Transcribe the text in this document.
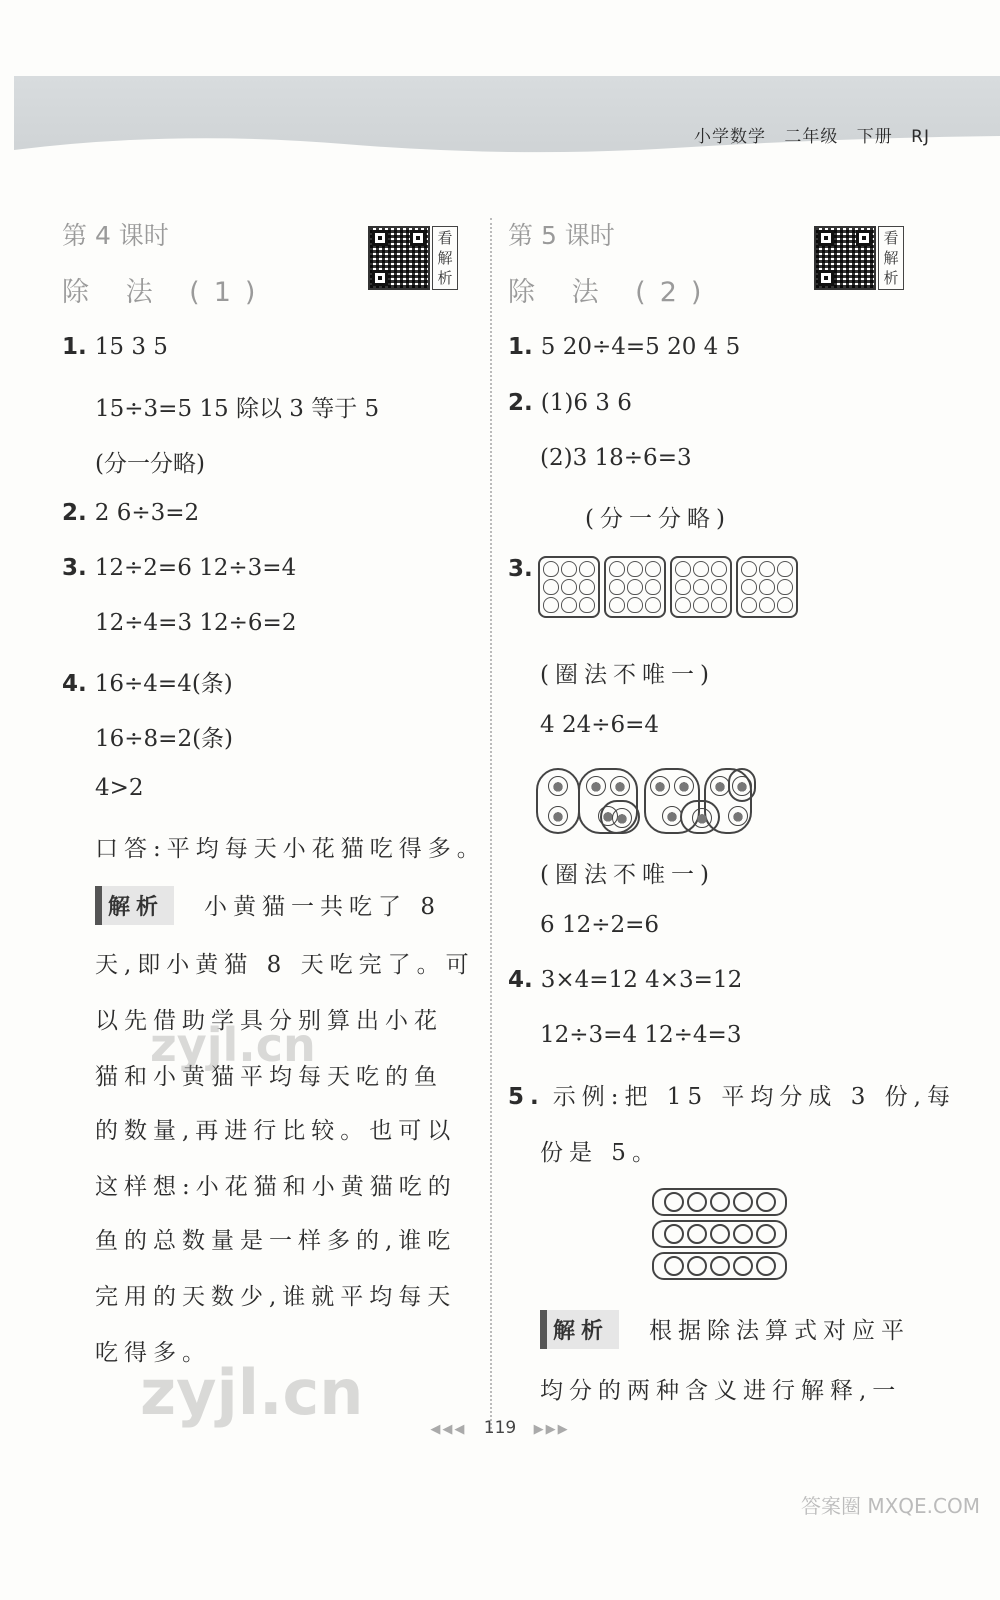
小学数学 二年级 下册 RJ
第 4 课时
除 法 (1)
看解析
1. 15 3 5
15÷3=5 15 除以 3 等于 5
(分一分略)
2. 2 6÷3=2
3. 12÷2=6 12÷3=4
12÷4=3 12÷6=2
4. 16÷4=4(条)
16÷8=2(条)
4>2
口答:平均每天小花猫吃得多。
解析 小黄猫一共吃了 8
天,即小黄猫 8 天吃完了。可
以先借助学具分别算出小花
猫和小黄猫平均每天吃的鱼
的数量,再进行比较。也可以
这样想:小花猫和小黄猫吃的
鱼的总数量是一样多的,谁吃
完用的天数少,谁就平均每天
吃得多。
zyjl.cn
zyjl.cn
第 5 课时
除 法 (2)
看解析
1. 5 20÷4=5 20 4 5
2. (1)6 3 6
(2)3 18÷6=3
(分一分略)
3.
(圈法不唯一)
4 24÷6=4
(圈法不唯一)
6 12÷2=6
4. 3×4=12 4×3=12
12÷3=4 12÷4=3
5. 示例:把 15 平均分成 3 份,每
份是 5。
解析 根据除法算式对应平
均分的两种含义进行解释,一
◀◀◀ 119 ▶▶▶
答案圈 MXQE.COM
